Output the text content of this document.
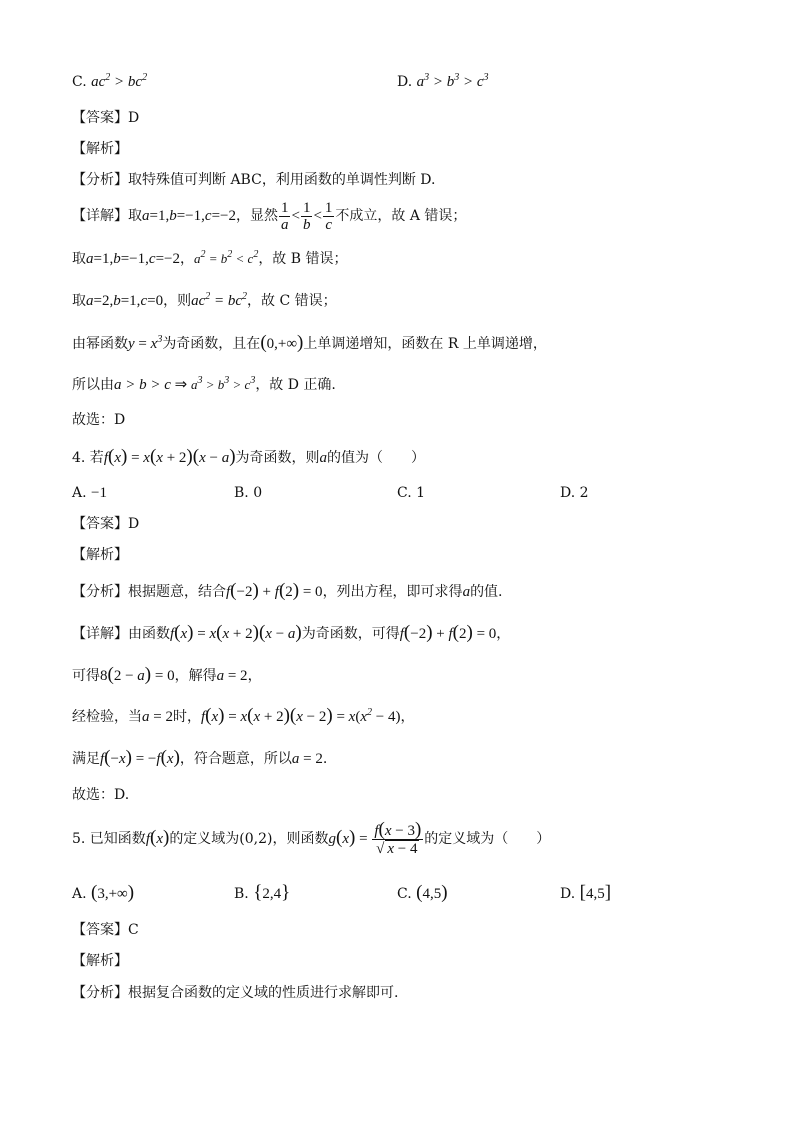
C. $ac^2 > bc^2$	D. $a^3 > b^3 > c^3$
【答案】D
【解析】
【分析】取特殊值可判断 ABC，利用函数的单调性判断 D.
【详解】取a=1,b=−1,c=−2，显然 $\frac{1}{a} < \frac{1}{b} < \frac{1}{c}$ 不成立，故 A 错误；
取a=1,b=−1,c=−2，$a^2 = b^2 < c^2$，故 B 错误；
取a=2,b=1,c=0，则$ac^2 = bc^2$，故 C 错误；
由幂函数$y = x^3$为奇函数，且在(0,+∞)上单调递增知，函数在 R 上单调递增，
所以由a > b > c ⇒ $a^3 > b^3 > c^3$，故 D 正确.
故选：D
4. 若f(x) = x(x + 2)(x − a)为奇函数，则a的值为（　　）
A. −1	B. 0	C. 1	D. 2
【答案】D
【解析】
【分析】根据题意，结合f(−2) + f(2) = 0，列出方程，即可求得a的值.
【详解】由函数f(x) = x(x + 2)(x − a)为奇函数，可得f(−2) + f(2) = 0，
可得8(2 − a) = 0，解得a = 2，
经检验，当a = 2时，$f(x) = x(x + 2)(x - 2) = x(x^2 - 4)$，
满足f(−x) = −f(x)，符合题意，所以a = 2.
故选：D.
5. 已知函数f(x)的定义域为(0,2)，则函数$g(x) = \frac{f(x - 3)}{√ x - 4}$ 的定义域为（　　）
A. (3,+∞)	B. {2,4}	C. (4,5)	D. [4,5]
【答案】C
【解析】
【分析】根据复合函数的定义域的性质进行求解即可.
